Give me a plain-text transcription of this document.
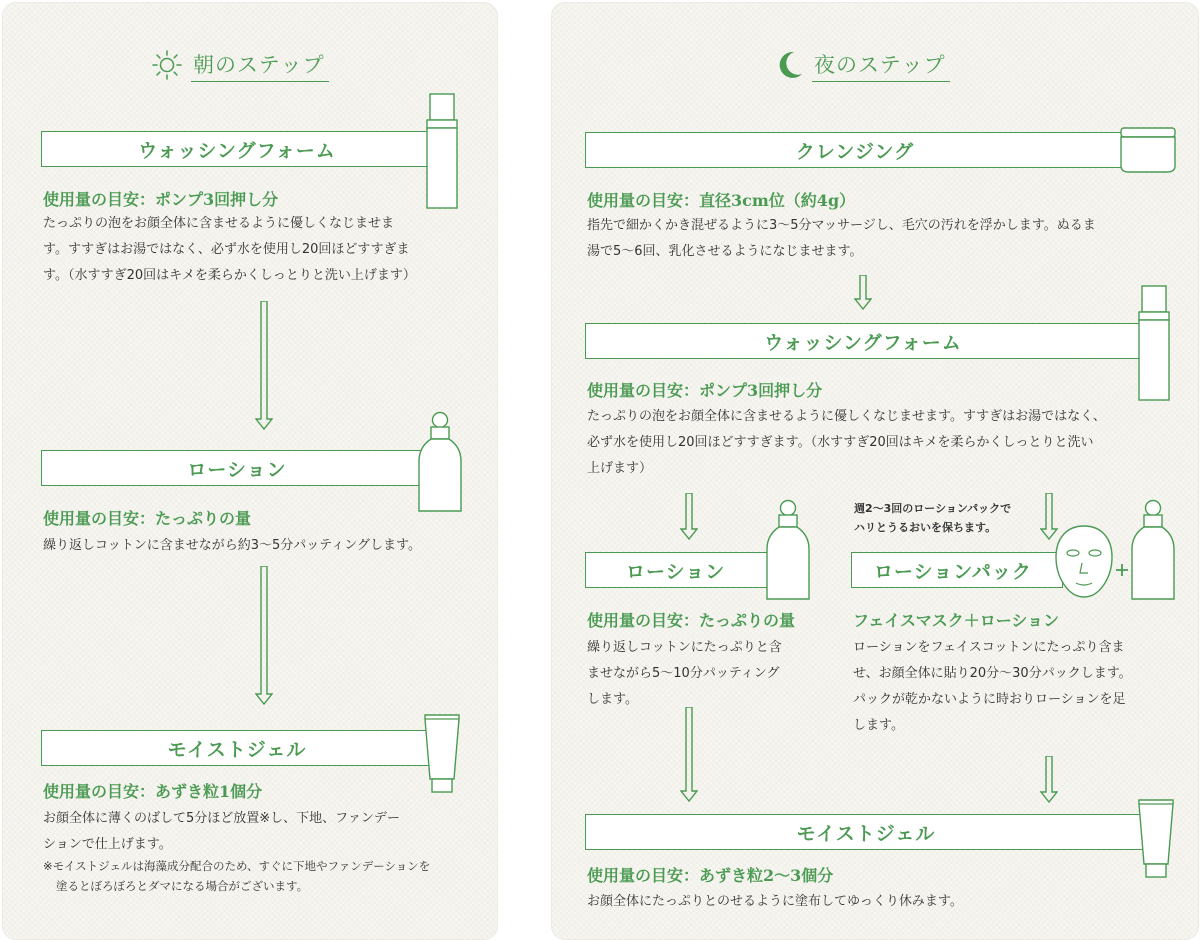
朝のステップ
ウォッシングフォーム
使用量の目安：ポンプ3回押し分
たっぷりの泡をお顔全体に含ませるように優しくなじませま
す。すすぎはお湯ではなく、必ず水を使用し20回ほどすすぎま
す。（水すすぎ20回はキメを柔らかくしっとりと洗い上げます）
ローション
使用量の目安：たっぷりの量
繰り返しコットンに含ませながら約3〜5分パッティングします。
モイストジェル
使用量の目安：あずき粒1個分
お顔全体に薄くのばして5分ほど放置※し、下地、ファンデー
ションで仕上げます。
※モイストジェルは海藻成分配合のため、すぐに下地やファンデーションを
塗るとぼろぼろとダマになる場合がございます。
夜のステップ
クレンジング
使用量の目安：直径3cm位（約4g）
指先で細かくかき混ぜるように3〜5分マッサージし、毛穴の汚れを浮かします。ぬるま
湯で5〜6回、乳化させるようになじませます。
ウォッシングフォーム
使用量の目安：ポンプ3回押し分
たっぷりの泡をお顔全体に含ませるように優しくなじませます。すすぎはお湯ではなく、
必ず水を使用し20回ほどすすぎます。（水すすぎ20回はキメを柔らかくしっとりと洗い
上げます）
週2〜3回のローションパックで
ハリとうるおいを保ちます。
ローション
使用量の目安：たっぷりの量
繰り返しコットンにたっぷりと含
ませながら5〜10分パッティング
します。
ローションパック
フェイスマスク＋ローション
ローションをフェイスコットンにたっぷり含ま
せ、お顔全体に貼り20分〜30分パックします。
パックが乾かないように時おりローションを足
します。
モイストジェル
使用量の目安：あずき粒2〜3個分
お顔全体にたっぷりとのせるように塗布してゆっくり休みます。
